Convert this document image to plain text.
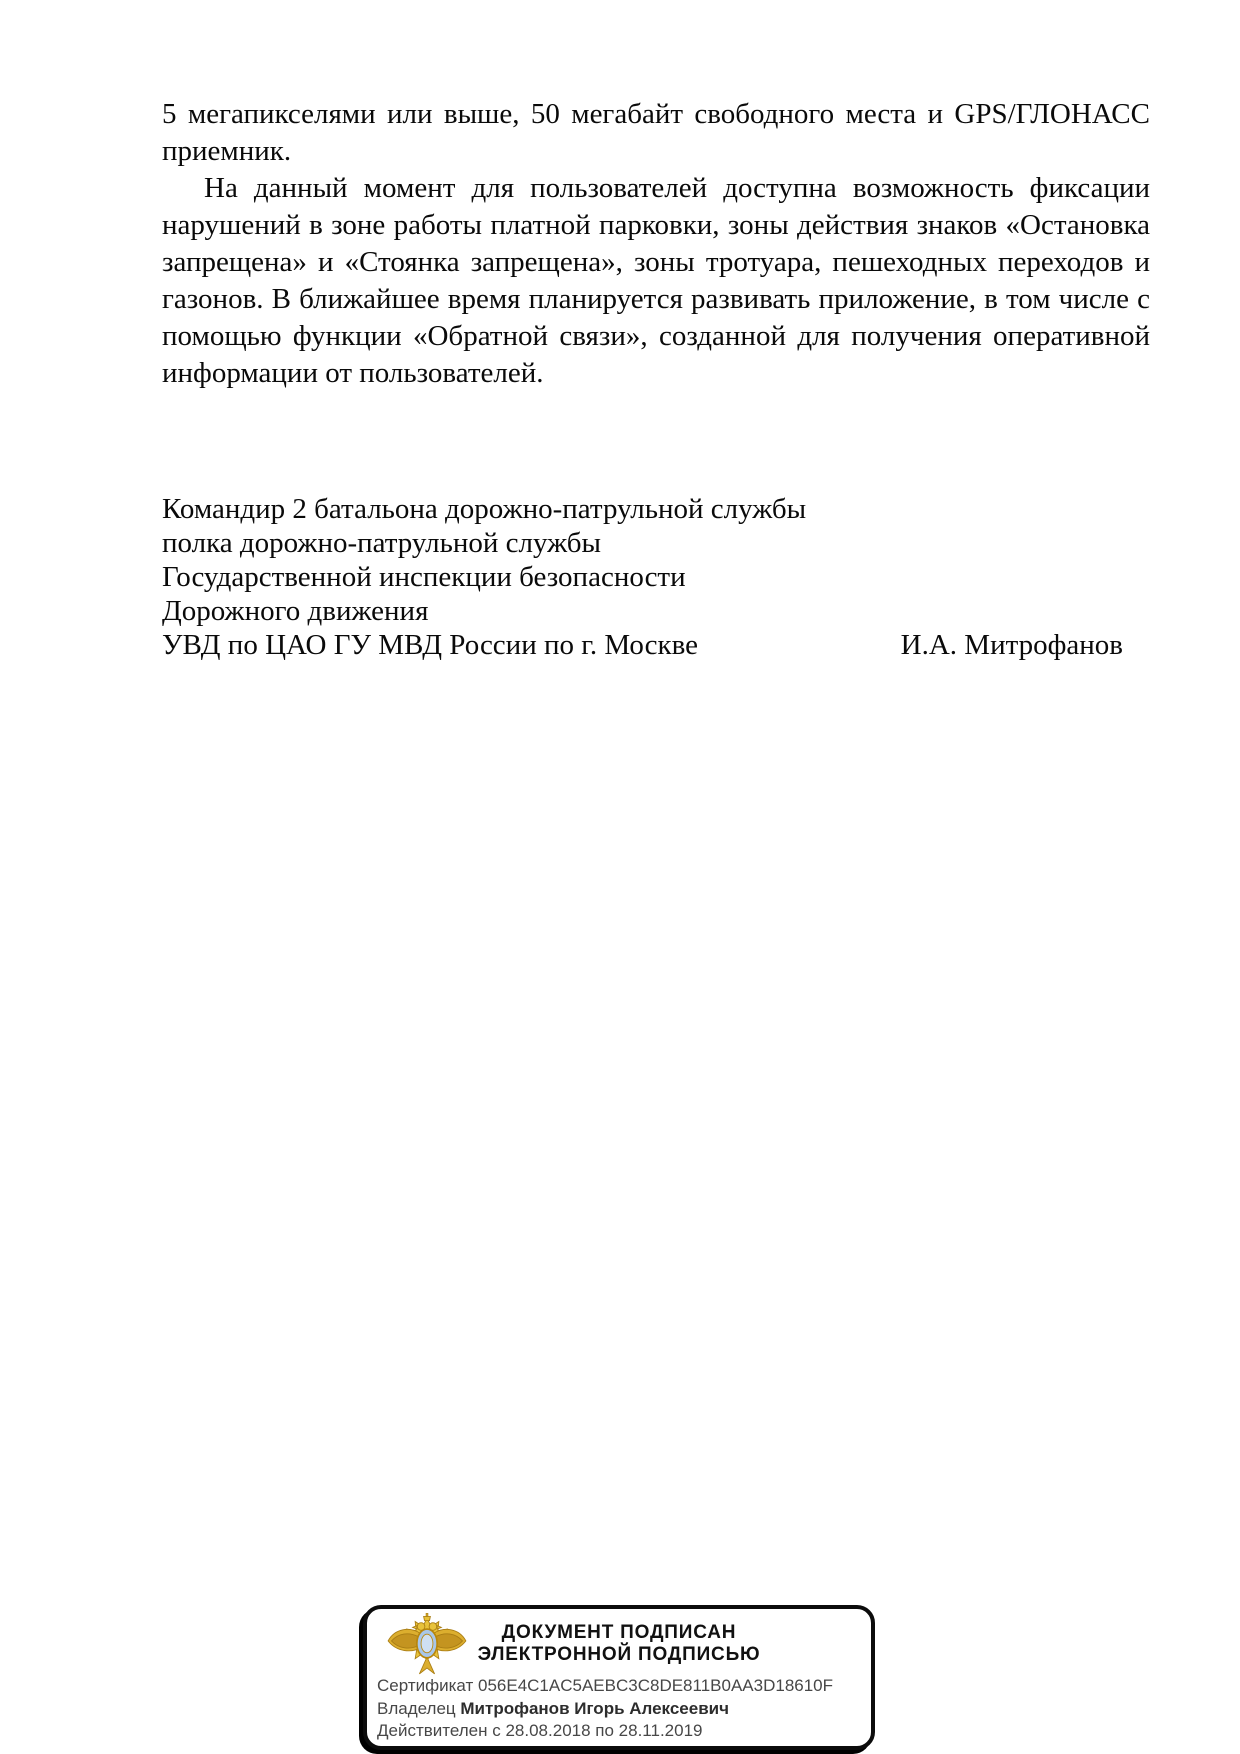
5 мегапикселями или выше, 50 мегабайт свободного места и GPS/ГЛОНАСС приемник.

На данный момент для пользователей доступна возможность фиксации нарушений в зоне работы платной парковки, зоны действия знаков «Остановка запрещена» и «Стоянка запрещена», зоны тротуара, пешеходных переходов и газонов. В ближайшее время планируется развивать приложение, в том числе с помощью функции «Обратной связи», созданной для получения оперативной информации от пользователей.

Командир 2 батальона дорожно-патрульной службы
полка дорожно-патрульной службы
Государственной инспекции безопасности
Дорожного движения
УВД по ЦАО ГУ МВД России по г. Москве	И.А. Митрофанов
ДОКУМЕНТ ПОДПИСАН
ЭЛЕКТРОННОЙ ПОДПИСЬЮ
Сертификат 056E4C1AC5AEBC3C8DE811B0AA3D18610F
Владелец Митрофанов Игорь Алексеевич
Действителен с 28.08.2018 по 28.11.2019
